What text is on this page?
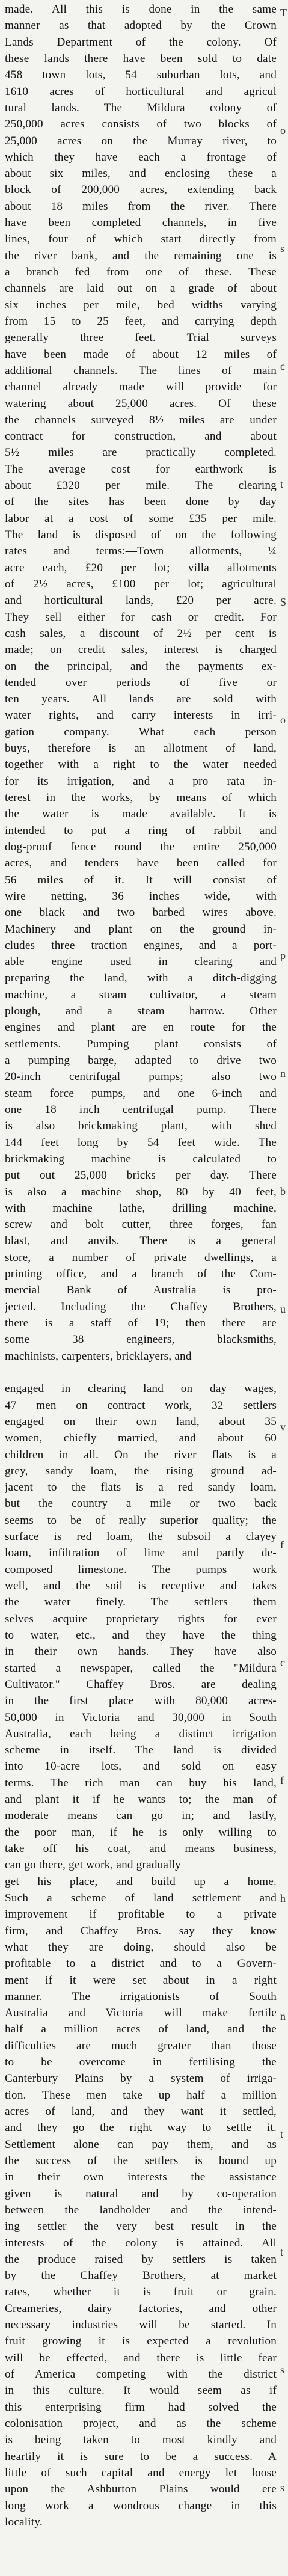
made. All this is done in the same
manner as that adopted by the Crown
Lands Department of the colony. Of
these lands there have been sold to date
458 town lots, 54 suburban lots, and
1610 acres of horticultural and agricul
tural lands. The Mildura colony of
250,000 acres consists of two blocks of
25,000 acres on the Murray river, to
which they have each a frontage of
about six miles, and enclosing these a
block of 200,000 acres, extending back
about 18 miles from the river. There
have been completed channels, in five
lines, four of which start directly from
the river bank, and the remaining one is
a branch fed from one of these. These
channels are laid out on a grade of about
six inches per mile, bed widths varying
from 15 to 25 feet, and carrying depth
generally three feet. Trial surveys
have been made of about 12 miles of
additional channels. The lines of main
channel already made will provide for
watering about 25,000 acres. Of these
the channels surveyed 8½ miles are under
contract for construction, and about
5½ miles are practically completed.
The average cost for earthwork is
about £320 per mile. The clearing
of the sites has been done by day
labor at a cost of some £35 per mile.
The land is disposed of on the following
rates and terms:—Town allotments, ¼
acre each, £20 per lot; villa allotments
of 2½ acres, £100 per lot; agricultural
and horticultural lands, £20 per acre.
They sell either for cash or credit. For
cash sales, a discount of 2½ per cent is
made; on credit sales, interest is charged
on the principal, and the payments ex-
tended over periods of five or
ten years. All lands are sold with
water rights, and carry interests in irri-
gation company. What each person
buys, therefore is an allotment of land,
together with a right to the water needed
for its irrigation, and a pro rata in-
terest in the works, by means of which
the water is made available. It is
intended to put a ring of rabbit and
dog-proof fence round the entire 250,000
acres, and tenders have been called for
56 miles of it. It will consist of
wire netting, 36 inches wide, with
one black and two barbed wires above.
Machinery and plant on the ground in-
cludes three traction engines, and a port-
able engine used in clearing and
preparing the land, with a ditch-digging
machine, a steam cultivator, a steam
plough, and a steam harrow. Other
engines and plant are en route for the
settlements. Pumping plant consists of
a pumping barge, adapted to drive two
20-inch centrifugal pumps; also two
steam force pumps, and one 6-inch and
one 18 inch centrifugal pump. There
is also brickmaking plant, with shed
144 feet long by 54 feet wide. The
brickmaking machine is calculated to
put out 25,000 bricks per day. There
is also a machine shop, 80 by 40 feet,
with machine lathe, drilling machine,
screw and bolt cutter, three forges, fan
blast, and anvils. There is a general
store, a number of private dwellings, a
printing office, and a branch of the Com-
mercial Bank of Australia is pro-
jected. Including the Chaffey Brothers,
there is a staff of 19; then there are
some 38 engineers, blacksmiths,
machinists, carpenters, bricklayers, and

engaged in clearing land on day wages,
47 men on contract work, 32 settlers
engaged on their own land, about 35
women, chiefly married, and about 60
children in all. On the river flats is a
grey, sandy loam, the rising ground ad-
jacent to the flats is a red sandy loam,
but the country a mile or two back
seems to be of really superior quality; the
surface is red loam, the subsoil a clayey
loam, infiltration of lime and partly de-
composed limestone. The pumps work
well, and the soil is receptive and takes
the water finely. The settlers them
selves acquire proprietary rights for ever
to water, etc., and they have the thing
in their own hands. They have also
started a newspaper, called the "Mildura
Cultivator." Chaffey Bros. are dealing
in the first place with 80,000 acres-
50,000 in Victoria and 30,000 in South
Australia, each being a distinct irrigation
scheme in itself. The land is divided
into 10-acre lots, and sold on easy
terms. The rich man can buy his land,
and plant it if he wants to; the man of
moderate means can go in; and lastly,
the poor man, if he is only willing to
take off his coat, and means business,
can go there, get work, and gradually
get his place, and build up a home.
Such a scheme of land settlement and
improvement if profitable to a private
firm, and Chaffey Bros. say they know
what they are doing, should also be
profitable to a district and to a Govern-
ment if it were set about in a right
manner. The irrigationists of South
Australia and Victoria will make fertile
half a million acres of land, and the
difficulties are much greater than those
to be overcome in fertilising the
Canterbury Plains by a system of irriga-
tion. These men take up half a million
acres of land, and they want it settled,
and they go the right way to settle it.
Settlement alone can pay them, and as
the success of the settlers is bound up
in their own interests the assistance
given is natural and by co-operation
between the landholder and the intend-
ing settler the very best result in the
interests of the colony is attained. All
the produce raised by settlers is taken
by the Chaffey Brothers, at market
rates, whether it is fruit or grain.
Creameries, dairy factories, and other
necessary industries will be started. In
fruit growing it is expected a revolution
will be effected, and there is little fear
of America competing with the district
in this culture. It would seem as if
this enterprising firm had solved the
colonisation project, and as the scheme
is being taken to most kindly and
heartily it is sure to be a success. A
little of such capital and energy let loose
upon the Ashburton Plains would ere
long work a wondrous change in this
locality.
T
o
s
c
t
S
o
p
n
b
u
v
f
c
f
h
n
t
t
s
s
